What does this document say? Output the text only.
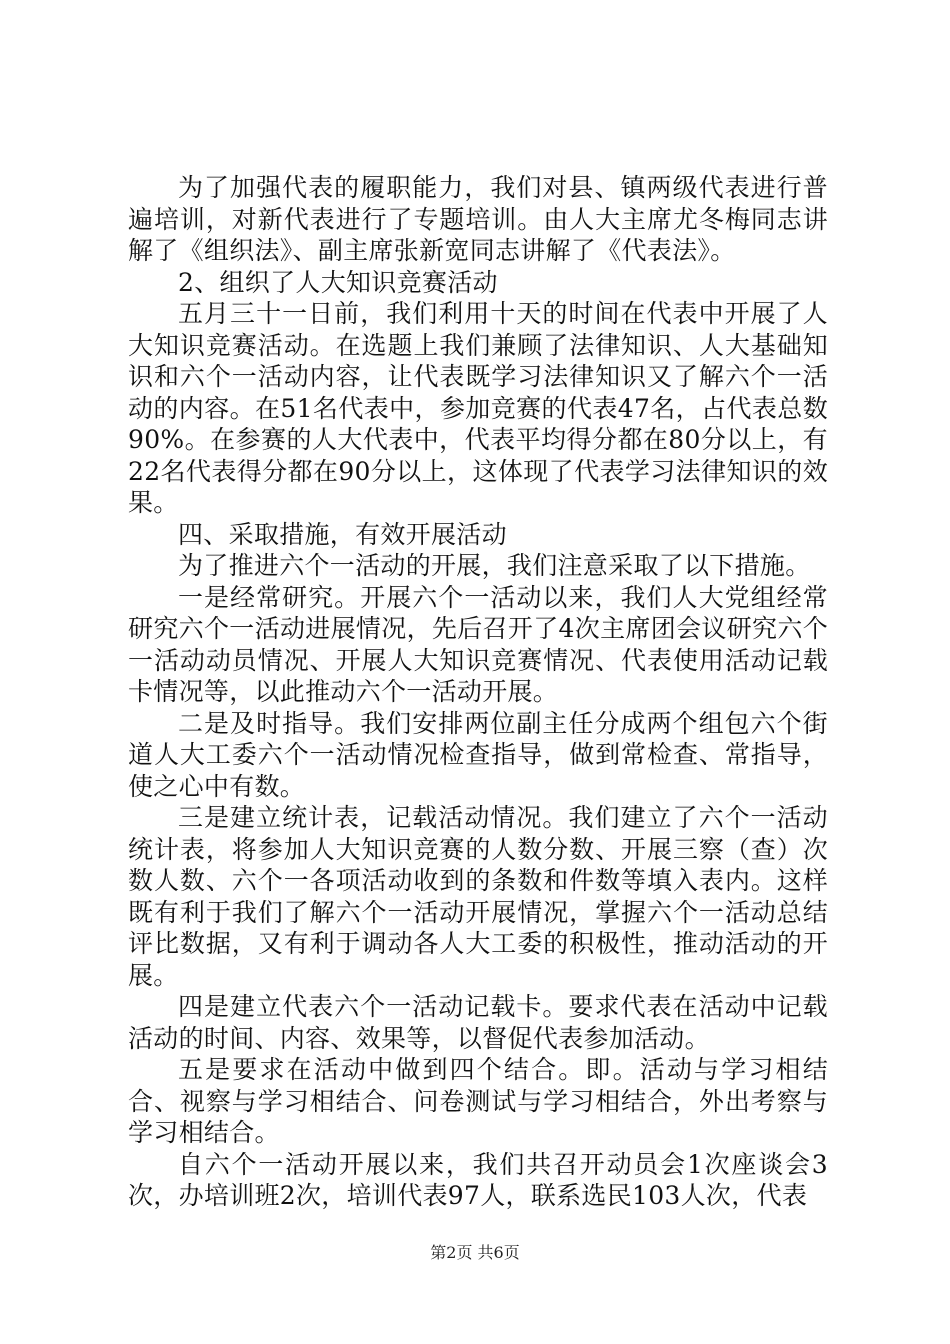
为了加强代表的履职能力，我们对县、镇两级代表进行普遍培训，对新代表进行了专题培训。由人大主席尤冬梅同志讲解了《组织法》、副主席张新宽同志讲解了《代表法》。

2、组织了人大知识竞赛活动

五月三十一日前，我们利用十天的时间在代表中开展了人大知识竞赛活动。在选题上我们兼顾了法律知识、人大基础知识和六个一活动内容，让代表既学习法律知识又了解六个一活动的内容。在51名代表中，参加竞赛的代表47名，占代表总数90%。在参赛的人大代表中，代表平均得分都在80分以上，有22名代表得分都在90分以上，这体现了代表学习法律知识的效果。

四、采取措施，有效开展活动

为了推进六个一活动的开展，我们注意采取了以下措施。

一是经常研究。开展六个一活动以来，我们人大党组经常研究六个一活动进展情况，先后召开了4次主席团会议研究六个一活动动员情况、开展人大知识竞赛情况、代表使用活动记载卡情况等，以此推动六个一活动开展。

二是及时指导。我们安排两位副主任分成两个组包六个街道人大工委六个一活动情况检查指导，做到常检查、常指导，使之心中有数。

三是建立统计表，记载活动情况。我们建立了六个一活动统计表，将参加人大知识竞赛的人数分数、开展三察（查）次数人数、六个一各项活动收到的条数和件数等填入表内。这样既有利于我们了解六个一活动开展情况，掌握六个一活动总结评比数据，又有利于调动各人大工委的积极性，推动活动的开展。

四是建立代表六个一活动记载卡。要求代表在活动中记载活动的时间、内容、效果等，以督促代表参加活动。

五是要求在活动中做到四个结合。即。活动与学习相结合、视察与学习相结合、问卷测试与学习相结合，外出考察与学习相结合。

自六个一活动开展以来，我们共召开动员会1次座谈会3次，办培训班2次，培训代表97人，联系选民103人次，代表

第2页 共6页
